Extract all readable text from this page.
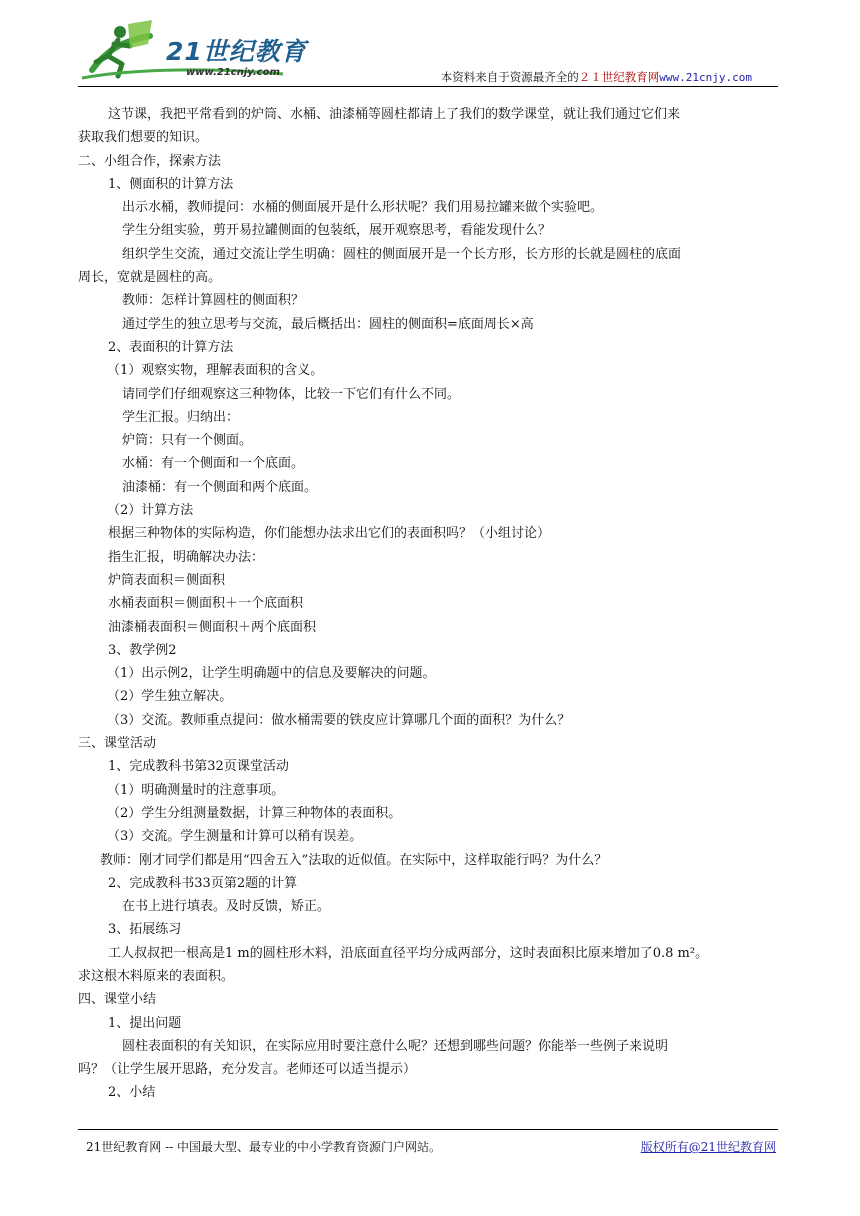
21世纪教育
www.21cnjy.com	本资料来自于资源最齐全的２１世纪教育网www.21cnjy.com
这节课，我把平常看到的炉筒、水桶、油漆桶等圆柱都请上了我们的数学课堂，就让我们通过它们来
获取我们想要的知识。
二、小组合作，探索方法
1、侧面积的计算方法
出示水桶，教师提问：水桶的侧面展开是什么形状呢？我们用易拉罐来做个实验吧。
学生分组实验，剪开易拉罐侧面的包装纸，展开观察思考，看能发现什么？
组织学生交流，通过交流让学生明确：圆柱的侧面展开是一个长方形，长方形的长就是圆柱的底面
周长，宽就是圆柱的高。
教师：怎样计算圆柱的侧面积？
通过学生的独立思考与交流，最后概括出：圆柱的侧面积=底面周长×高
2、表面积的计算方法
（1）观察实物，理解表面积的含义。
请同学们仔细观察这三种物体，比较一下它们有什么不同。
学生汇报。归纳出：
炉筒：只有一个侧面。
水桶：有一个侧面和一个底面。
油漆桶：有一个侧面和两个底面。
（2）计算方法
根据三种物体的实际构造，你们能想办法求出它们的表面积吗？（小组讨论）
指生汇报，明确解决办法：
炉筒表面积＝侧面积
水桶表面积＝侧面积＋一个底面积
油漆桶表面积＝侧面积＋两个底面积
3、教学例2
（1）出示例2，让学生明确题中的信息及要解决的问题。
（2）学生独立解决。
（3）交流。教师重点提问：做水桶需要的铁皮应计算哪几个面的面积？为什么？
三、课堂活动
1、完成教科书第32页课堂活动
（1）明确测量时的注意事项。
（2）学生分组测量数据，计算三种物体的表面积。
（3）交流。学生测量和计算可以稍有误差。
教师：刚才同学们都是用“四舍五入”法取的近似值。在实际中，这样取能行吗？为什么？
2、完成教科书33页第2题的计算
在书上进行填表。及时反馈，矫正。
3、拓展练习
工人叔叔把一根高是1 m的圆柱形木料，沿底面直径平均分成两部分，这时表面积比原来增加了0.8 m²。
求这根木料原来的表面积。
四、课堂小结
1、提出问题
圆柱表面积的有关知识，在实际应用时要注意什么呢？还想到哪些问题？你能举一些例子来说明
吗？（让学生展开思路，充分发言。老师还可以适当提示）
2、小结
21世纪教育网 -- 中国最大型、最专业的中小学教育资源门户网站。	版权所有@21世纪教育网
